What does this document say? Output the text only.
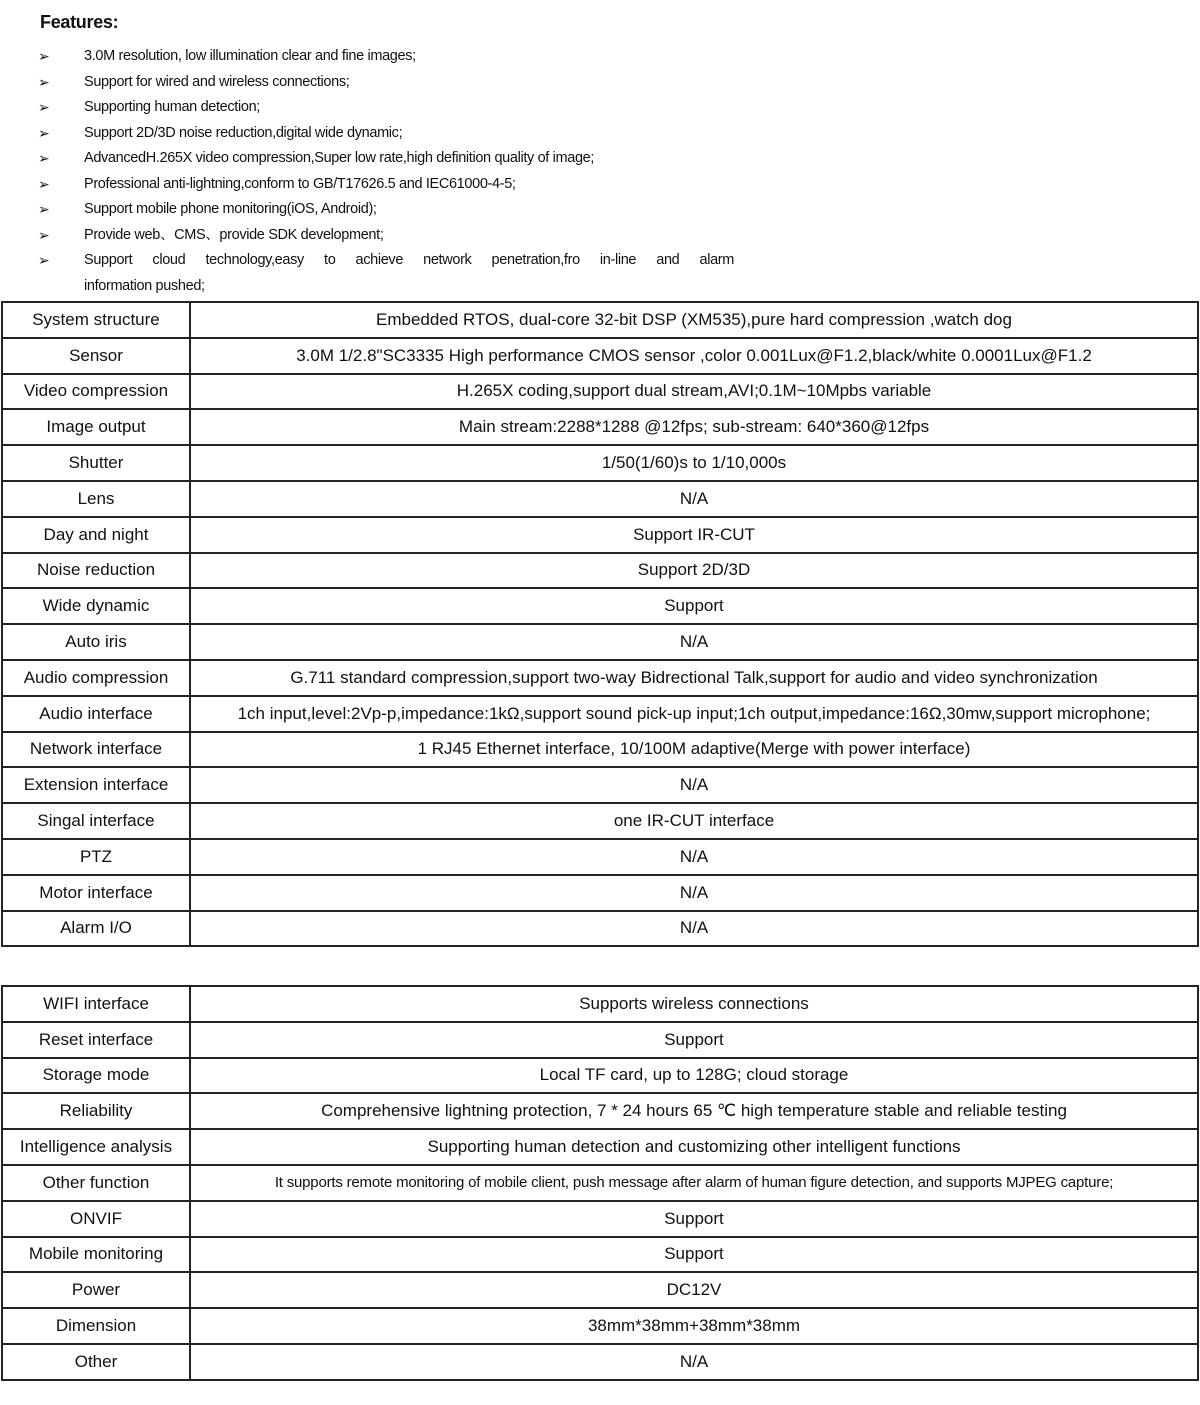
Features:
➢ 3.0M resolution, low illumination clear and fine images;
➢ Support for wired and wireless connections;
➢ Supporting human detection;
➢ Support 2D/3D noise reduction,digital wide dynamic;
➢ AdvancedH.265X video compression,Super low rate,high definition quality of image;
➢ Professional anti-lightning,conform to GB/T17626.5 and IEC61000-4-5;
➢ Support mobile phone monitoring(iOS, Android);
➢ Provide web、CMS、provide SDK development;
➢ Support cloud technology,easy to achieve network penetration,fro in-line and alarm
information pushed;
System structure	Embedded RTOS, dual-core 32-bit DSP (XM535),pure hard compression ,watch dog
Sensor	3.0M 1/2.8"SC3335 High performance CMOS sensor ,color 0.001Lux@F1.2,black/white 0.0001Lux@F1.2
Video compression	H.265X coding,support dual stream,AVI;0.1M~10Mpbs variable
Image output	Main stream:2288*1288 @12fps; sub-stream: 640*360@12fps
Shutter	1/50(1/60)s to 1/10,000s
Lens	N/A
Day and night	Support IR-CUT
Noise reduction	Support 2D/3D
Wide dynamic	Support
Auto iris	N/A
Audio compression	G.711 standard compression,support two-way Bidrectional Talk,support for audio and video synchronization
Audio interface	1ch input,level:2Vp-p,impedance:1kΩ,support sound pick-up input;1ch output,impedance:16Ω,30mw,support microphone;
Network interface	1 RJ45 Ethernet interface, 10/100M adaptive(Merge with power interface)
Extension interface	N/A
Singal interface	one IR-CUT interface
PTZ	N/A
Motor interface	N/A
Alarm I/O	N/A
WIFI interface	Supports wireless connections
Reset interface	Support
Storage mode	Local TF card, up to 128G; cloud storage
Reliability	Comprehensive lightning protection, 7 * 24 hours 65 ℃ high temperature stable and reliable testing
Intelligence analysis	Supporting human detection and customizing other intelligent functions
Other function	It supports remote monitoring of mobile client, push message after alarm of human figure detection, and supports MJPEG capture;
ONVIF	Support
Mobile monitoring	Support
Power	DC12V
Dimension	38mm*38mm+38mm*38mm
Other	N/A
